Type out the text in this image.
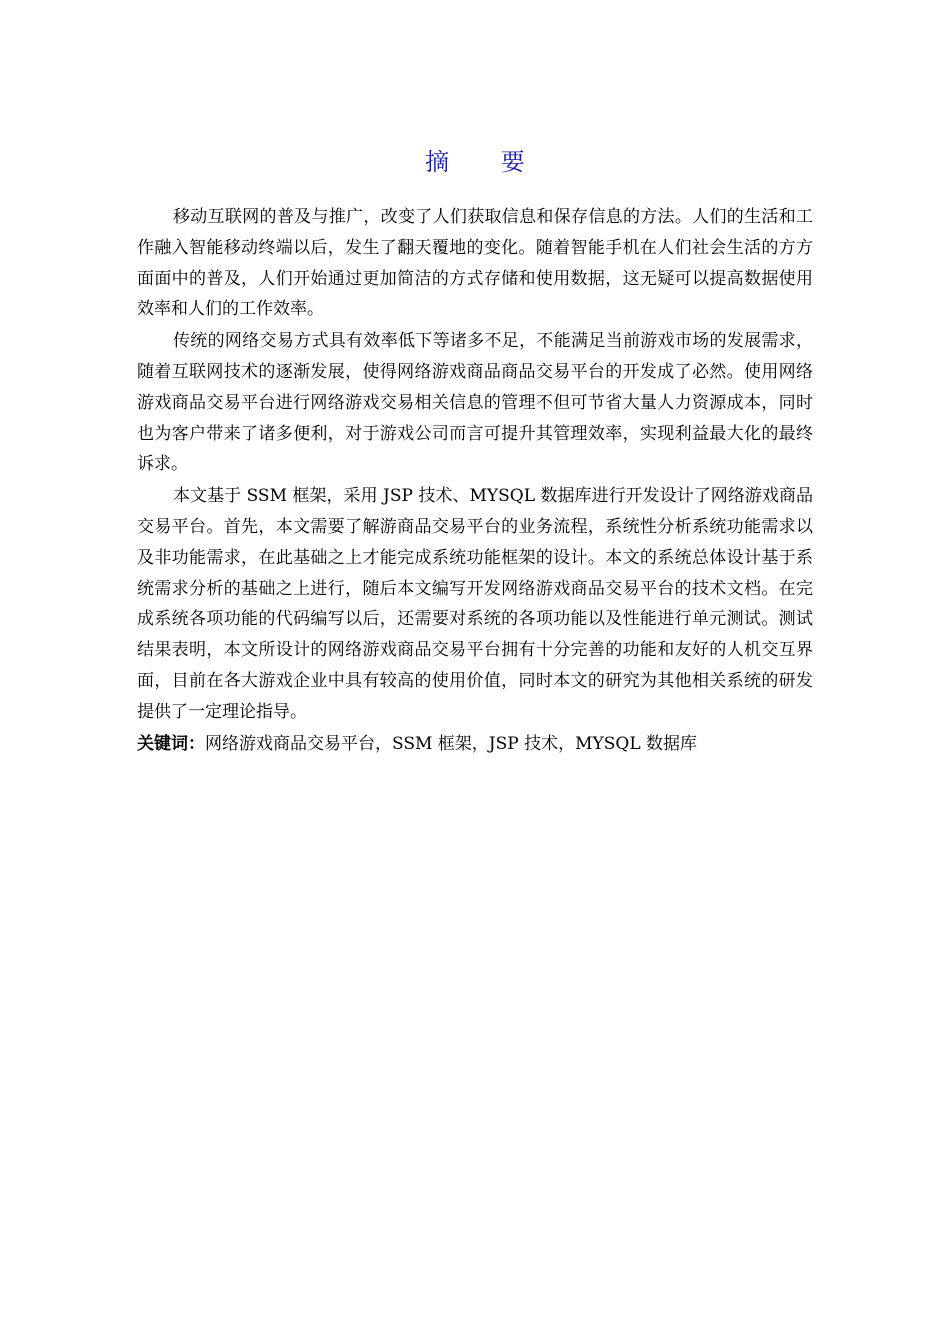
摘 要

移动互联网的普及与推广，改变了人们获取信息和保存信息的方法。人们的生活和工作融入智能移动终端以后，发生了翻天覆地的变化。随着智能手机在人们社会生活的方方面面中的普及，人们开始通过更加简洁的方式存储和使用数据，这无疑可以提高数据使用效率和人们的工作效率。

传统的网络交易方式具有效率低下等诸多不足，不能满足当前游戏市场的发展需求，随着互联网技术的逐渐发展，使得网络游戏商品商品交易平台的开发成了必然。使用网络游戏商品交易平台进行网络游戏交易相关信息的管理不但可节省大量人力资源成本，同时也为客户带来了诸多便利，对于游戏公司而言可提升其管理效率，实现利益最大化的最终诉求。

本文基于 SSM 框架，采用 JSP 技术、MYSQL 数据库进行开发设计了网络游戏商品交易平台。首先，本文需要了解游商品交易平台的业务流程，系统性分析系统功能需求以及非功能需求，在此基础之上才能完成系统功能框架的设计。本文的系统总体设计基于系统需求分析的基础之上进行，随后本文编写开发网络游戏商品交易平台的技术文档。在完成系统各项功能的代码编写以后，还需要对系统的各项功能以及性能进行单元测试。测试结果表明，本文所设计的网络游戏商品交易平台拥有十分完善的功能和友好的人机交互界面，目前在各大游戏企业中具有较高的使用价值，同时本文的研究为其他相关系统的研发提供了一定理论指导。

关键词：网络游戏商品交易平台，SSM 框架，JSP 技术，MYSQL 数据库
